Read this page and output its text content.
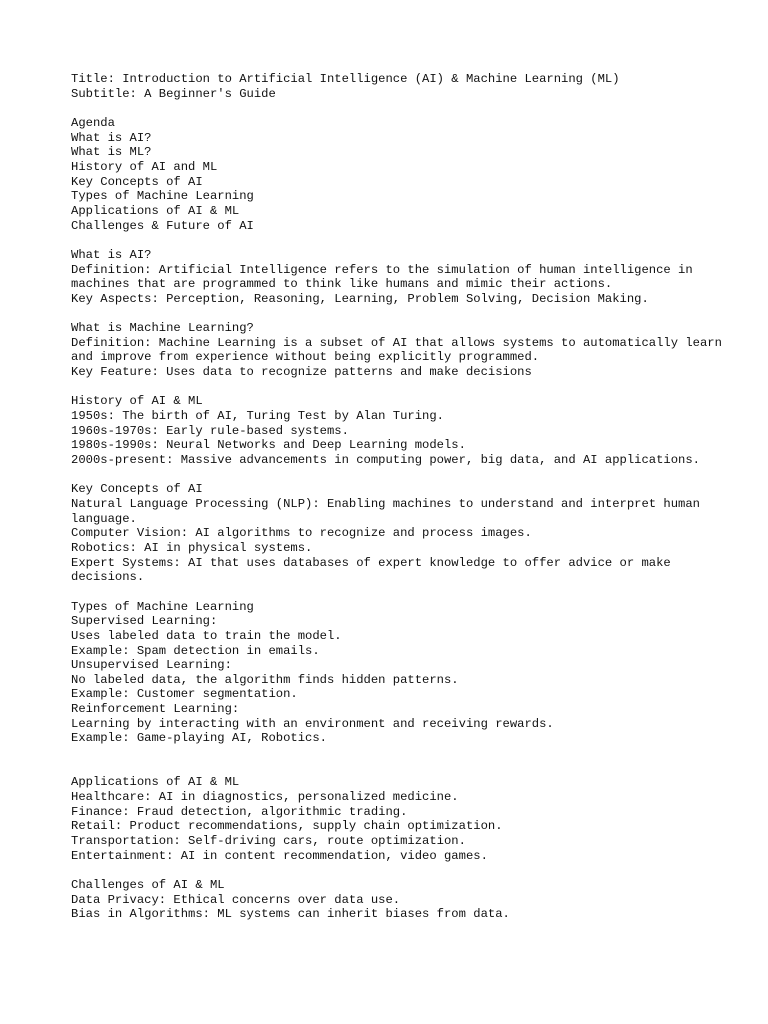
Title: Introduction to Artificial Intelligence (AI) & Machine Learning (ML)
Subtitle: A Beginner's Guide
Agenda
What is AI?
What is ML?
History of AI and ML
Key Concepts of AI
Types of Machine Learning
Applications of AI & ML
Challenges & Future of AI
What is AI?
Definition: Artificial Intelligence refers to the simulation of human intelligence in machines that are programmed to think like humans and mimic their actions.
Key Aspects: Perception, Reasoning, Learning, Problem Solving, Decision Making.
What is Machine Learning?
Definition: Machine Learning is a subset of AI that allows systems to automatically learn and improve from experience without being explicitly programmed.
Key Feature: Uses data to recognize patterns and make decisions
History of AI & ML
1950s: The birth of AI, Turing Test by Alan Turing.
1960s-1970s: Early rule-based systems.
1980s-1990s: Neural Networks and Deep Learning models.
2000s-present: Massive advancements in computing power, big data, and AI applications.
Key Concepts of AI
Natural Language Processing (NLP): Enabling machines to understand and interpret human language.
Computer Vision: AI algorithms to recognize and process images.
Robotics: AI in physical systems.
Expert Systems: AI that uses databases of expert knowledge to offer advice or make decisions.
Types of Machine Learning
Supervised Learning:
Uses labeled data to train the model.
Example: Spam detection in emails.
Unsupervised Learning:
No labeled data, the algorithm finds hidden patterns.
Example: Customer segmentation.
Reinforcement Learning:
Learning by interacting with an environment and receiving rewards.
Example: Game-playing AI, Robotics.
Applications of AI & ML
Healthcare: AI in diagnostics, personalized medicine.
Finance: Fraud detection, algorithmic trading.
Retail: Product recommendations, supply chain optimization.
Transportation: Self-driving cars, route optimization.
Entertainment: AI in content recommendation, video games.
Challenges of AI & ML
Data Privacy: Ethical concerns over data use.
Bias in Algorithms: ML systems can inherit biases from data.
